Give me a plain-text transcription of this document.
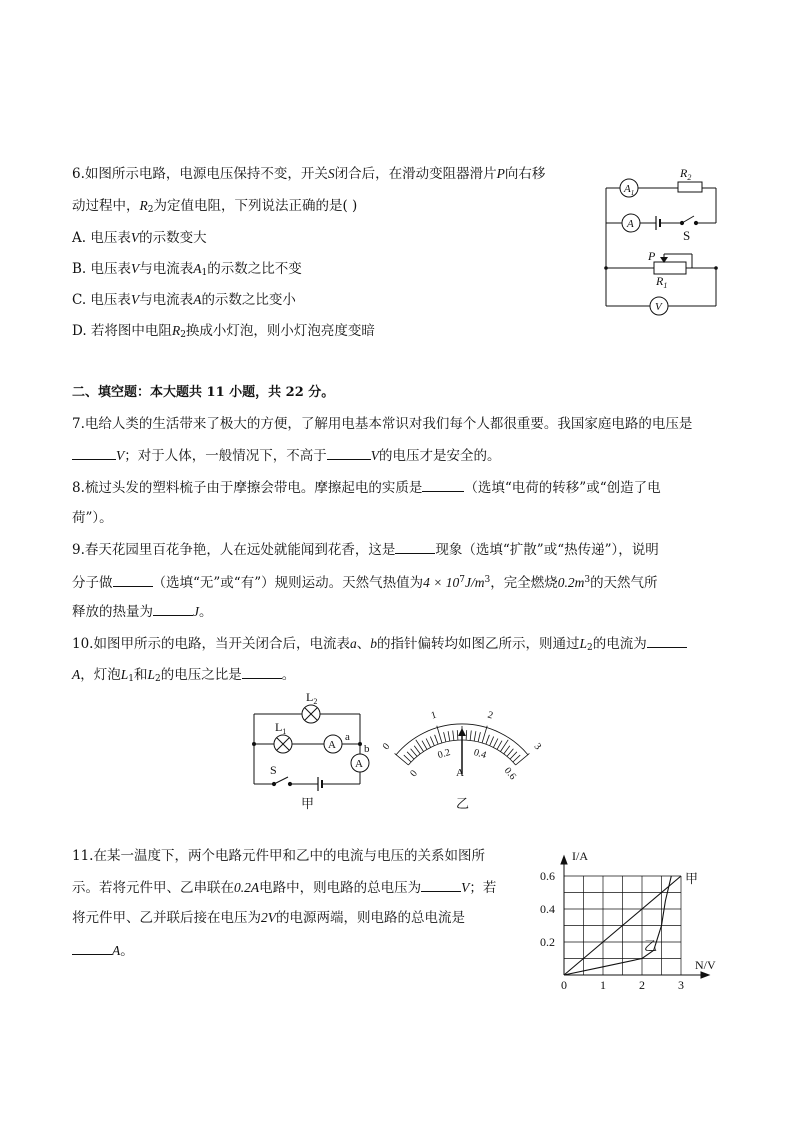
6.如图所示电路，电源电压保持不变，开关S闭合后，在滑动变阻器滑片P向右移
动过程中，$R_2$为定值电阻，下列说法正确的是( )
A. 电压表V的示数变大
B. 电压表V与电流表$A_1$的示数之比不变
C. 电压表V与电流表A的示数之比变小
D. 若将图中电阻$R_2$换成小灯泡，则小灯泡亮度变暗
$A_1$
$R_2$
A
S
P
$R_1$
V
二、填空题：本大题共 11 小题，共 22 分。
7.电给人类的生活带来了极大的方便，了解用电基本常识对我们每个人都很重要。我国家庭电路的电压是
V；对于人体，一般情况下，不高于	V的电压才是安全的。
8.梳过头发的塑料梳子由于摩擦会带电。摩擦起电的实质是	（选填“电荷的转移”或“创造了电
荷”）。
9.春天花园里百花争艳，人在远处就能闻到花香，这是	现象（选填“扩散”或“热传递”），说明
分子做	（选填“无”或“有”）规则运动。天然气热值为$4 \times 10^7J/m^3$，完全燃烧$0.2m^3$的天然气所
释放的热量为	J。
10.如图甲所示的电路，当开关闭合后，电流表a、b的指针偏转均如图乙所示，则通过$L_2$的电流为
A，灯泡$L_1$和$L_2$的电压之比是	。
$L_2$
$L_1$
A
a
A
b
S
甲
0
1	2
3
0
0.2 0.4
0.6
A
乙
11.在某一温度下，两个电路元件甲和乙中的电流与电压的关系如图所
示。若将元件甲、乙串联在0.2A电路中，则电路的总电压为	V；若
将元件甲、乙并联后接在电压为2V的电源两端，则电路的总电流是
A。
0	1	2	3
0.2
0.4
0.6
I/A
N/V
甲
乙
